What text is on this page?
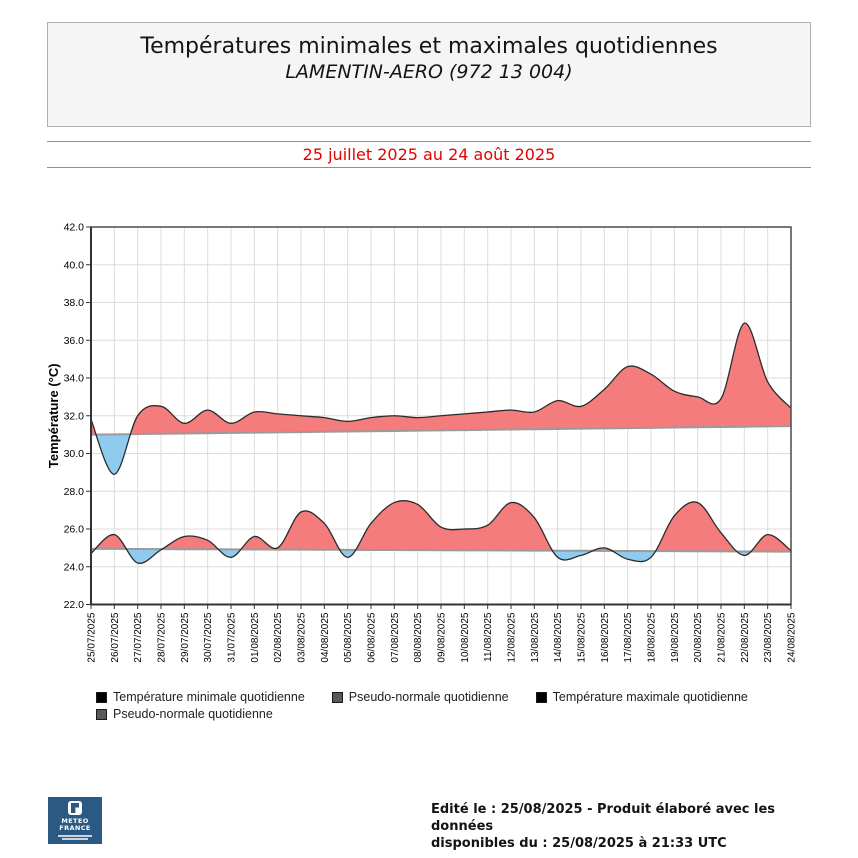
Températures minimales et maximales quotidiennes
LAMENTIN-AERO (972 13 004)
25 juillet 2025 au 24 août 2025
22.0
24.0
26.0
28.0
30.0
32.0
34.0
36.0
38.0
40.0
42.0
25/07/2025 26/07/2025 27/07/2025 28/07/2025 29/07/2025 30/07/2025 31/07/2025 01/08/2025 02/08/2025 03/08/2025 04/08/2025 05/08/2025 06/08/2025 07/08/2025 08/08/2025 09/08/2025 10/08/2025 11/08/2025 12/08/2025 13/08/2025 14/08/2025 15/08/2025 16/08/2025 17/08/2025 18/08/2025 19/08/2025 20/08/2025 21/08/2025 22/08/2025 23/08/2025 24/08/2025
Température (°C)
Température minimale quotidienne	Pseudo-normale quotidienne	Température maximale quotidienne
Pseudo-normale quotidienne
METEO
FRANCE
Edité le : 25/08/2025 - Produit élaboré avec les données
disponibles du : 25/08/2025 à 21:33 UTC
